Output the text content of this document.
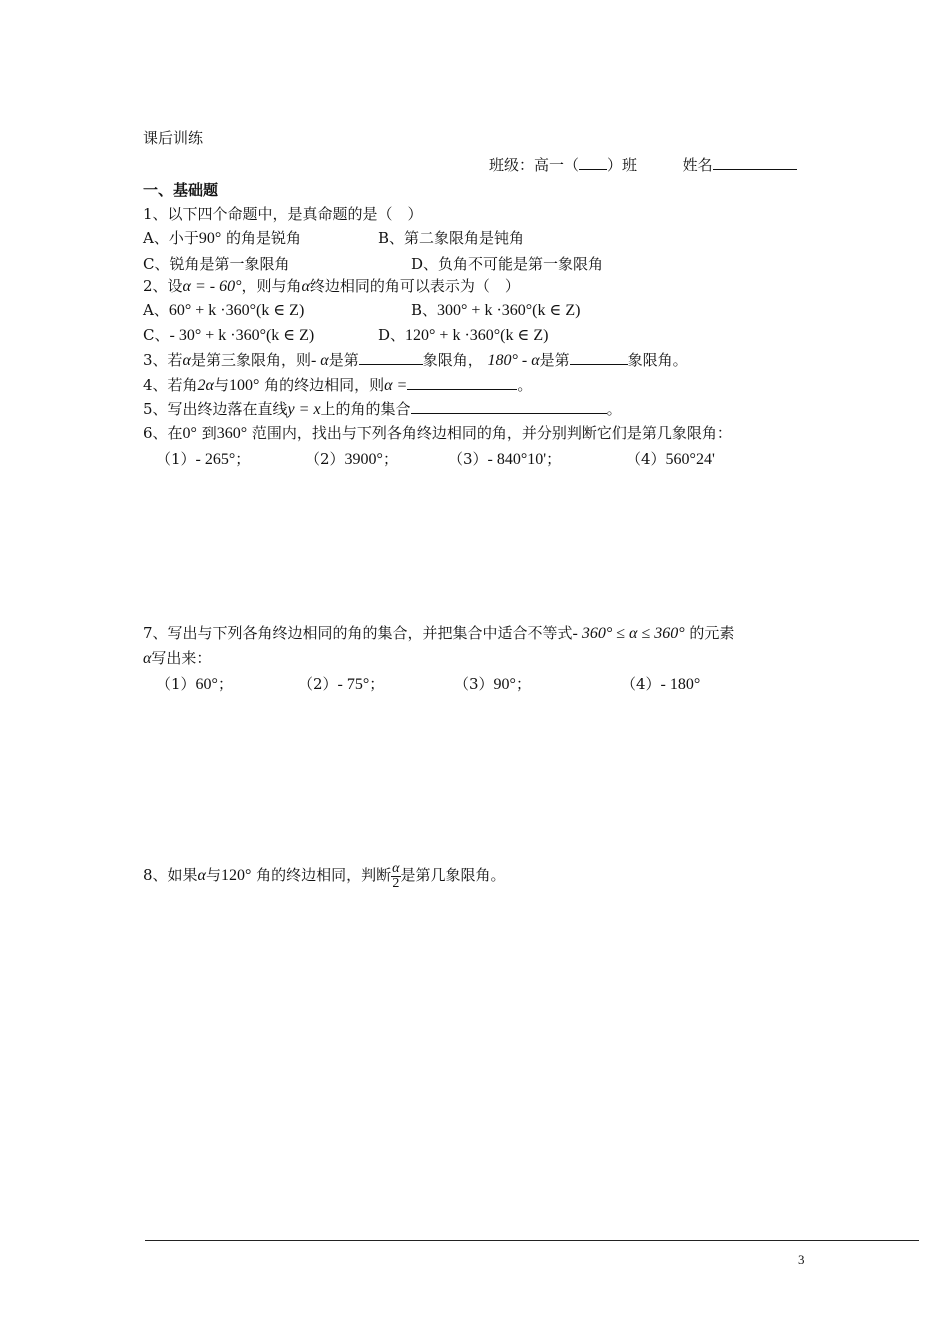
课后训练
班级：高一（ ）班	姓名
一、基础题
1、以下四个命题中，是真命题的是（　）
A、小于90° 的角是锐角	B、第二象限角是钝角
C、锐角是第一象限角	D、负角不可能是第一象限角
2、设α = - 60°，则与角α终边相同的角可以表示为（　）
A、60° + k ·360°(k ∈ Z)	B、300° + k ·360°(k ∈ Z)
C、- 30° + k ·360°(k ∈ Z)	D、120° + k ·360°(k ∈ Z)
3、若α是第三象限角，则- α是第	象限角， 180° - α是第	象限角。
4、若角2α与100° 角的终边相同，则α =	。
5、写出终边落在直线y = x上的角的集合	。
6、在0° 到360° 范围内，找出与下列各角终边相同的角，并分别判断它们是第几象限角：
（1）- 265°；	（2）3900°；	（3）- 840°10'；	（4）560°24'
7、写出与下列各角终边相同的角的集合，并把集合中适合不等式- 360° ≤ α ≤ 360° 的元素
α写出来：
（1）60°；	（2）- 75°；	（3）90°；	（4）- 180°
8、如果α与120° 角的终边相同，判断 $\frac{\alpha}{2}$ 是第几象限角。
3
